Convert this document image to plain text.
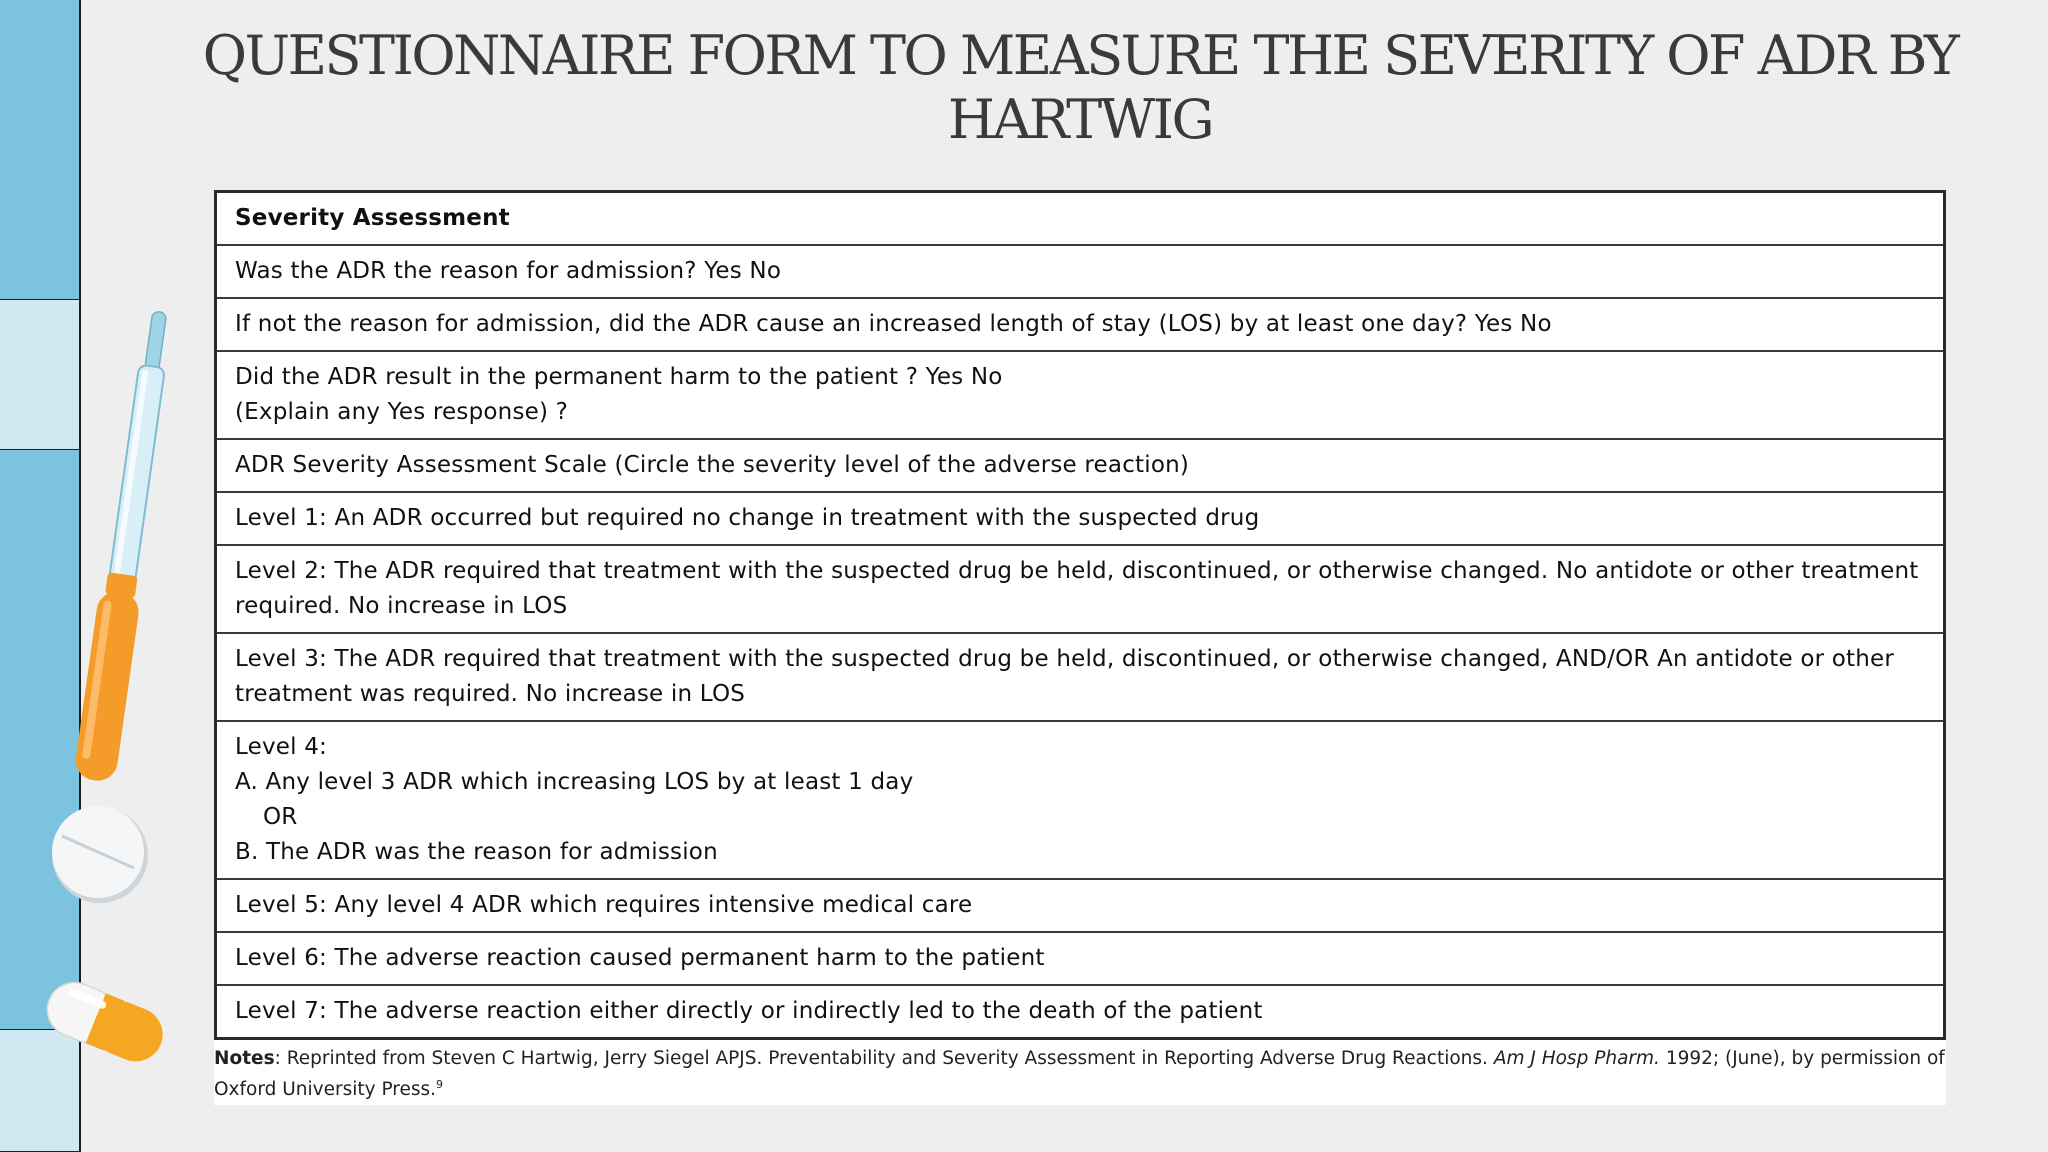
QUESTIONNAIRE FORM TO MEASURE THE SEVERITY OF ADR BY HARTWIG
Severity Assessment

Was the ADR the reason for admission? Yes No

If not the reason for admission, did the ADR cause an increased length of stay (LOS) by at least one day? Yes No

Did the ADR result in the permanent harm to the patient ? Yes No
(Explain any Yes response) ?

ADR Severity Assessment Scale (Circle the severity level of the adverse reaction)

Level 1: An ADR occurred but required no change in treatment with the suspected drug

Level 2: The ADR required that treatment with the suspected drug be held, discontinued, or otherwise changed. No antidote or other treatment required. No increase in LOS

Level 3: The ADR required that treatment with the suspected drug be held, discontinued, or otherwise changed, AND/OR An antidote or other treatment was required. No increase in LOS

Level 4:
A. Any level 3 ADR which increasing LOS by at least 1 day
OR
B. The ADR was the reason for admission

Level 5: Any level 4 ADR which requires intensive medical care

Level 6: The adverse reaction caused permanent harm to the patient

Level 7: The adverse reaction either directly or indirectly led to the death of the patient
Notes: Reprinted from Steven C Hartwig, Jerry Siegel APJS. Preventability and Severity Assessment in Reporting Adverse Drug Reactions. Am J Hosp Pharm. 1992; (June), by permission of Oxford University Press.$^9$
